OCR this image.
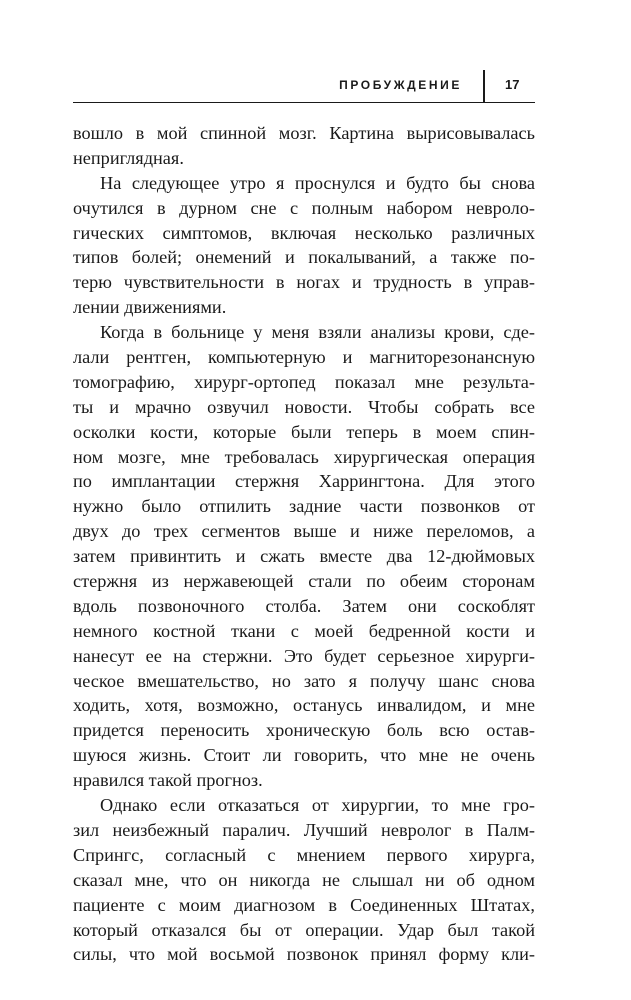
ПРОБУЖДЕНИЕ	17
вошло в мой спинной мозг. Картина вырисовывалась
неприглядная.
На следующее утро я проснулся и будто бы снова
очутился в дурном сне с полным набором невроло-
гических симптомов, включая несколько различных
типов болей; онемений и покалываний, а также по-
терю чувствительности в ногах и трудность в управ-
лении движениями.
Когда в больнице у меня взяли анализы крови, сде-
лали рентген, компьютерную и магниторезонансную
томографию, хирург-ортопед показал мне результа-
ты и мрачно озвучил новости. Чтобы собрать все
осколки кости, которые были теперь в моем спин-
ном мозге, мне требовалась хирургическая операция
по имплантации стержня Харрингтона. Для этого
нужно было отпилить задние части позвонков от
двух до трех сегментов выше и ниже переломов, а
затем привинтить и сжать вместе два 12-дюймовых
стержня из нержавеющей стали по обеим сторонам
вдоль позвоночного столба. Затем они соскоблят
немного костной ткани с моей бедренной кости и
нанесут ее на стержни. Это будет серьезное хирурги-
ческое вмешательство, но зато я получу шанс снова
ходить, хотя, возможно, останусь инвалидом, и мне
придется переносить хроническую боль всю остав-
шуюся жизнь. Стоит ли говорить, что мне не очень
нравился такой прогноз.
Однако если отказаться от хирургии, то мне гро-
зил неизбежный паралич. Лучший невролог в Палм-
Спрингс, согласный с мнением первого хирурга,
сказал мне, что он никогда не слышал ни об одном
пациенте с моим диагнозом в Соединенных Штатах,
который отказался бы от операции. Удар был такой
силы, что мой восьмой позвонок принял форму кли-
